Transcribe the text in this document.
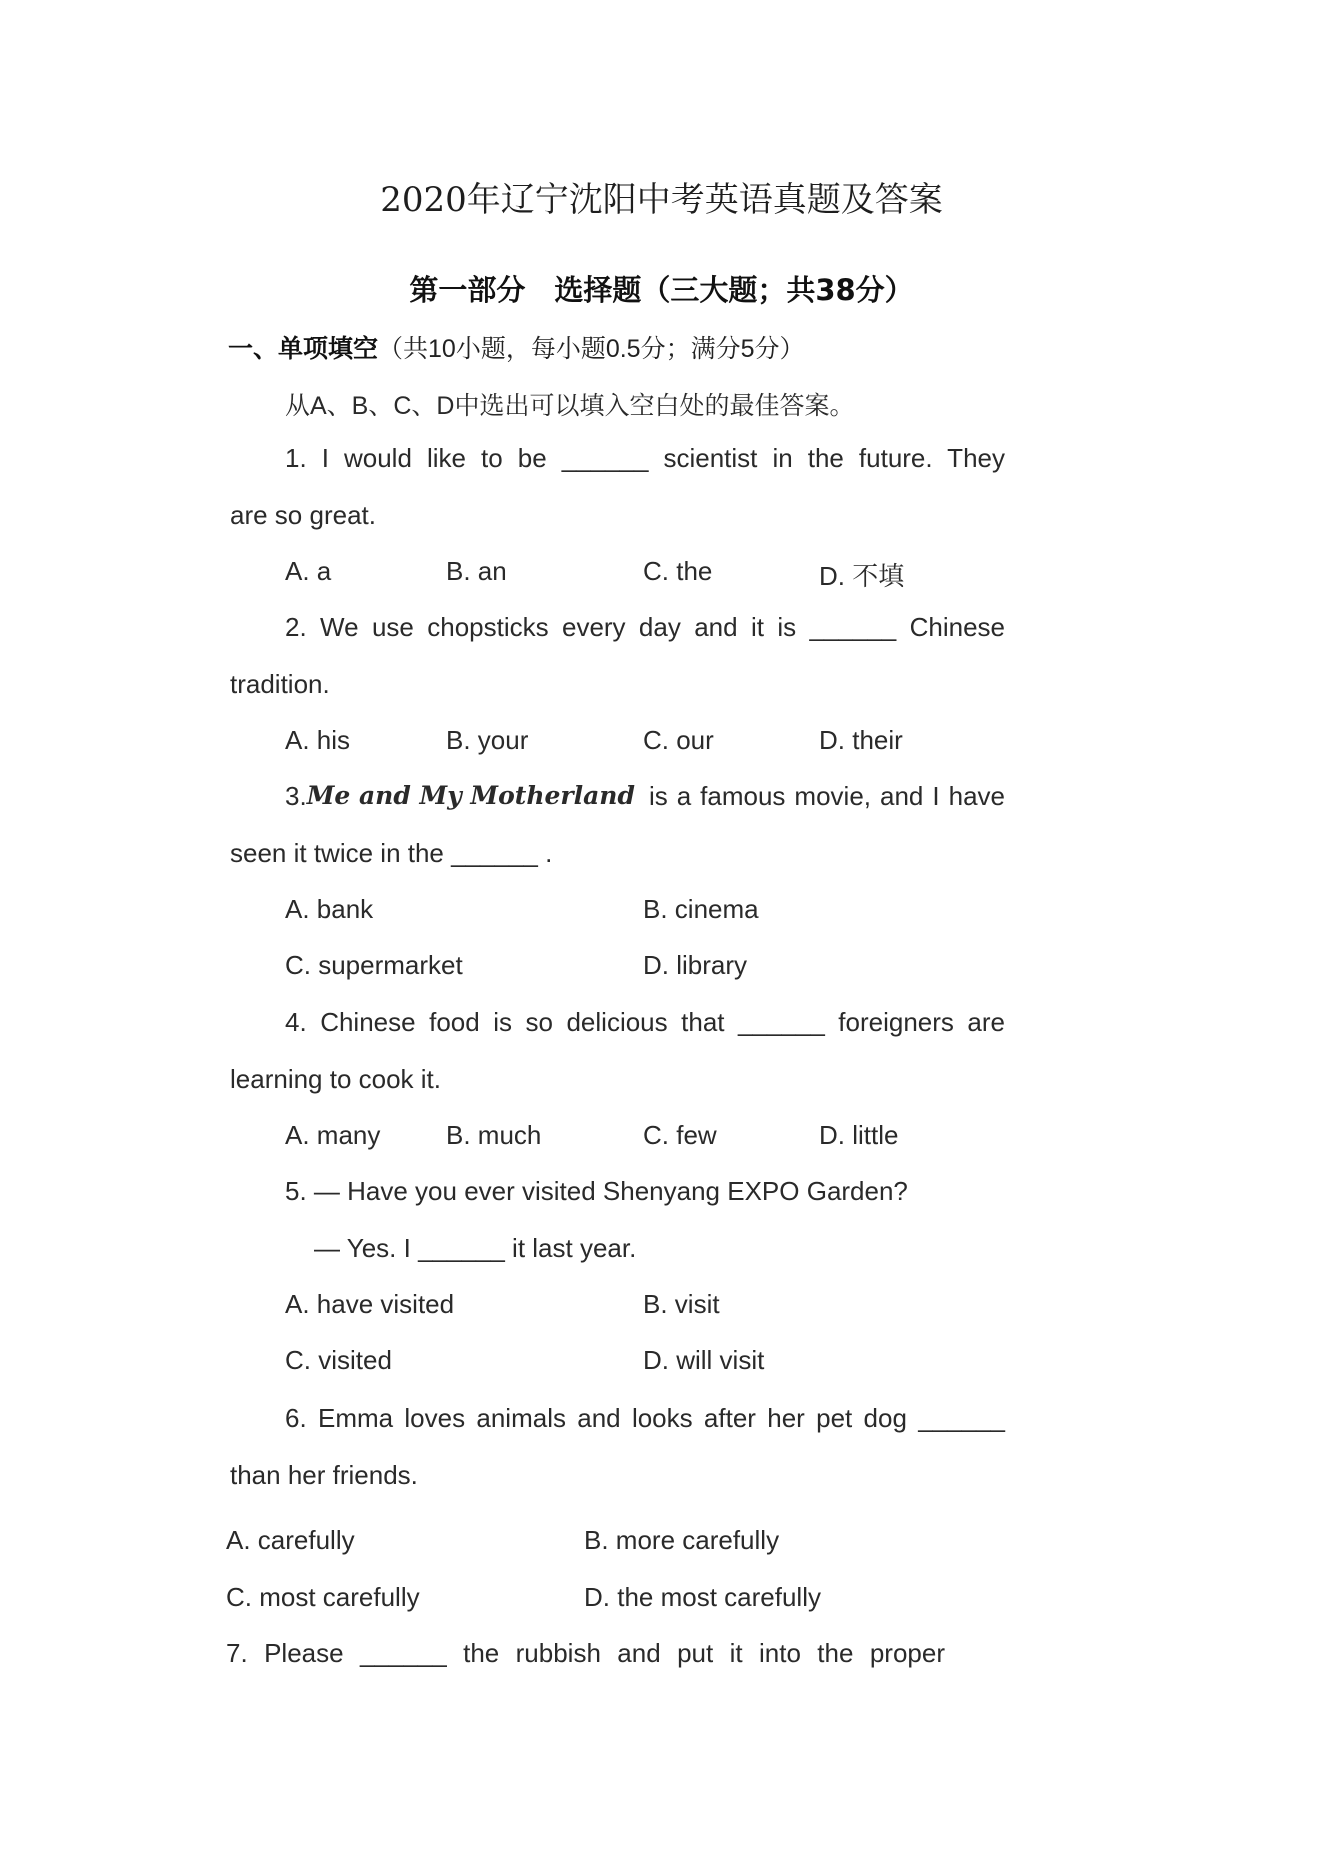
2020年辽宁沈阳中考英语真题及答案
第一部分　选择题（三大题；共38分）
一、单项填空（共10小题，每小题0.5分；满分5分）
从A、B、C、D中选出可以填入空白处的最佳答案。
1. I would like to be ______ scientist in the future. They
are so great.
A. a	B. an	C. the	D. 不填
2. We use chopsticks every day and it is ______ Chinese
tradition.
A. his	B. your	C. our	D. their
3. Me and My Motherland is a famous movie, and I have
seen it twice in the ______ .
A. bank	B. cinema
C. supermarket	D. library
4. Chinese food is so delicious that ______ foreigners are
learning to cook it.
A. many	B. much	C. few	D. little
5. — Have you ever visited Shenyang EXPO Garden?
— Yes. I ______ it last year.
A. have visited	B. visit
C. visited	D. will visit
6. Emma loves animals and looks after her pet dog ______
than her friends.
A. carefully	B. more carefully
C. most carefully	D. the most carefully
7. Please ______ the rubbish and put it into the proper
